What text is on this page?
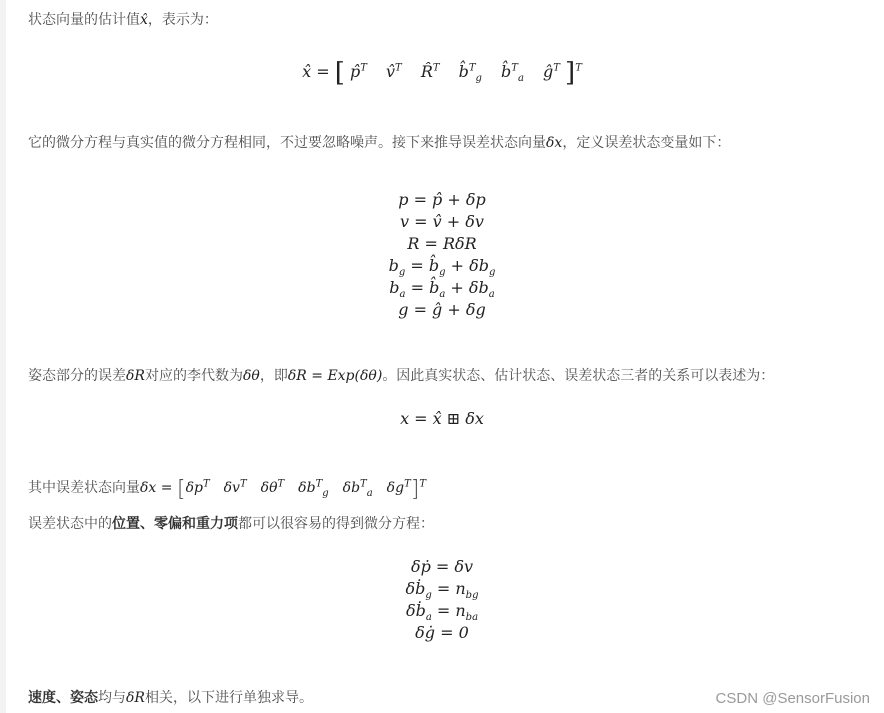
状态向量的估计值x̂，表示为：
x̂ = [ p̂$^T$ v̂$^T$ R̂$^T$ b̂$^T_g$ b̂$^T_a$ $ĝ^T$ ]$^T$
它的微分方程与真实值的微分方程相同，不过要忽略噪声。接下来推导误差状态向量δx，定义误差状态变量如下：
p = p̂ + δp
v = v̂ + δv
R = RδR
$b_g$ = $b̂_g + \delta b_g$
$b_a$ = $b̂_a + \delta b_a$
g = ĝ + δg
姿态部分的误差δR对应的李代数为δθ，即δR = Exp(δθ)。因此真实状态、估计状态、误差状态三者的关系可以表述为：
x = x̂ ⊞ δx
其中误差状态向量$\delta x = [\delta p^T$ $\delta v^T$ $\delta\theta^T$ $\delta b^T_g$ $\delta b^T_a$ $\delta g^T]^T$
误差状态中的位置、零偏和重力项都可以很容易的得到微分方程：
δṗ = δv
δḃ$_g$ = $n_{bg}$
δḃ$_a$ = $n_{ba}$
δġ = 0
速度、姿态均与δR相关，以下进行单独求导。	CSDN @SensorFusion
